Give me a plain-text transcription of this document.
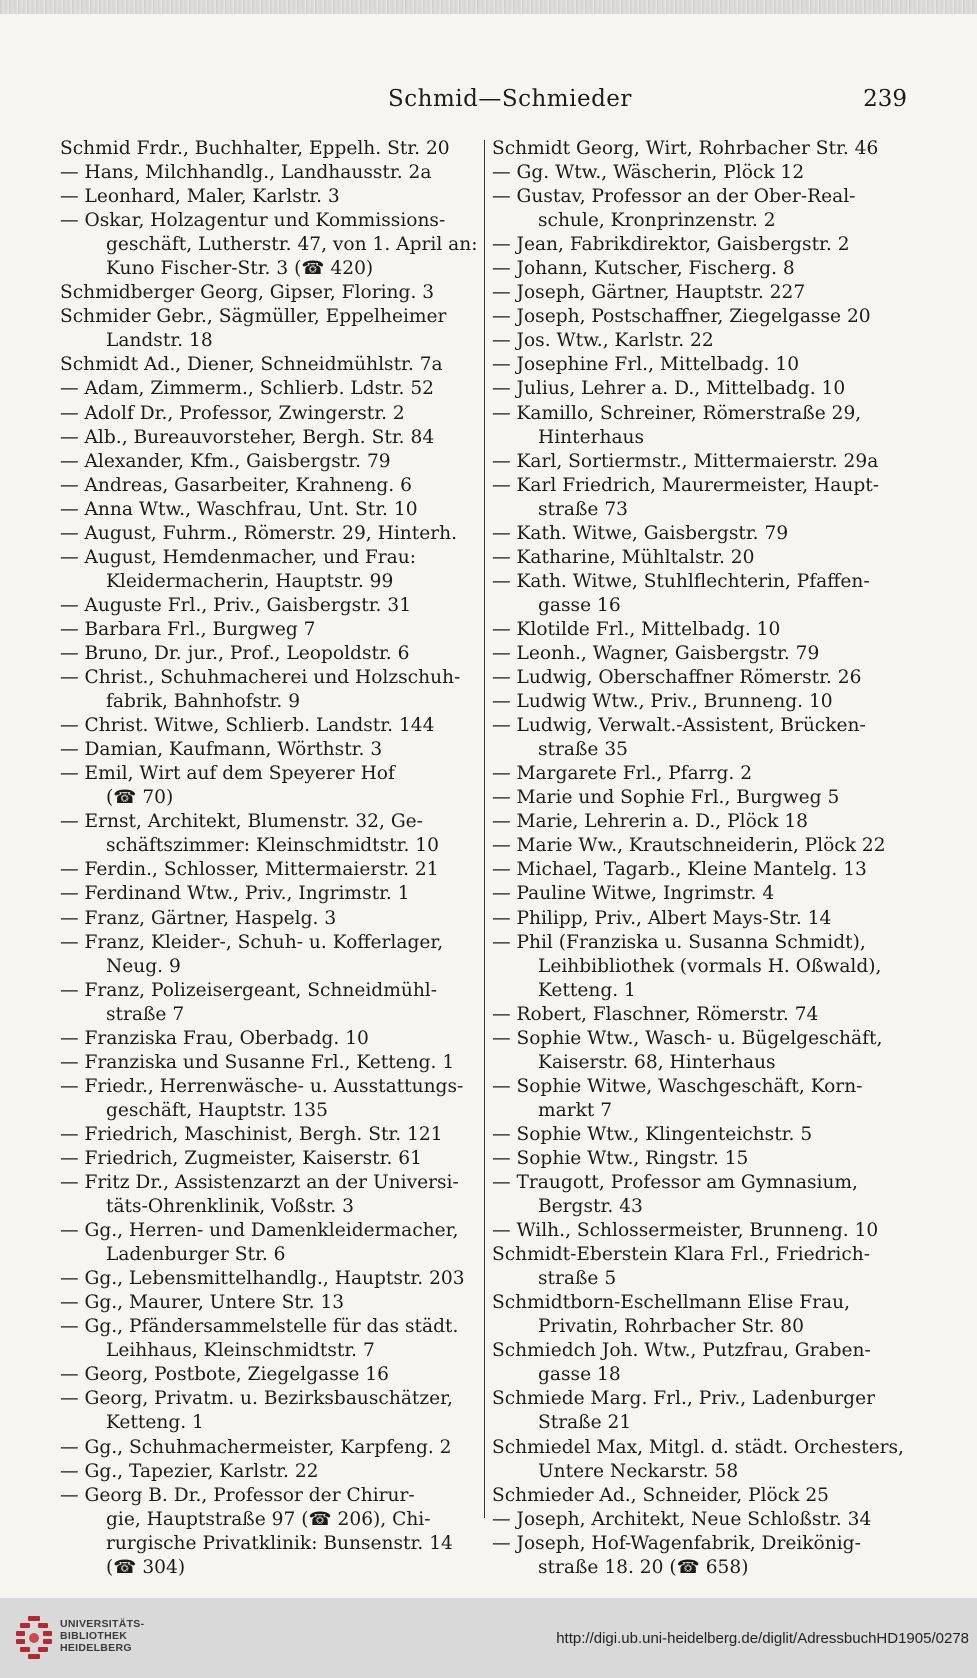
Schmid—Schmieder	239
Schmid Frdr., Buchhalter, Eppelh. Str. 20
— Hans, Milchhandlg., Landhausstr. 2a
— Leonhard, Maler, Karlstr. 3
— Oskar, Holzagentur und Kommissions-
geschäft, Lutherstr. 47, von 1. April an:
Kuno Fischer-Str. 3 (☎ 420)
Schmidberger Georg, Gipser, Floring. 3
Schmider Gebr., Sägmüller, Eppelheimer
Landstr. 18
Schmidt Ad., Diener, Schneidmühlstr. 7a
— Adam, Zimmerm., Schlierb. Ldstr. 52
— Adolf Dr., Professor, Zwingerstr. 2
— Alb., Bureauvorsteher, Bergh. Str. 84
— Alexander, Kfm., Gaisbergstr. 79
— Andreas, Gasarbeiter, Krahneng. 6
— Anna Wtw., Waschfrau, Unt. Str. 10
— August, Fuhrm., Römerstr. 29, Hinterh.
— August, Hemdenmacher, und Frau:
Kleidermacherin, Hauptstr. 99
— Auguste Frl., Priv., Gaisbergstr. 31
— Barbara Frl., Burgweg 7
— Bruno, Dr. jur., Prof., Leopoldstr. 6
— Christ., Schuhmacherei und Holzschuh-
fabrik, Bahnhofstr. 9
— Christ. Witwe, Schlierb. Landstr. 144
— Damian, Kaufmann, Wörthstr. 3
— Emil, Wirt auf dem Speyerer Hof
(☎ 70)
— Ernst, Architekt, Blumenstr. 32, Ge-
schäftszimmer: Kleinschmidtstr. 10
— Ferdin., Schlosser, Mittermaierstr. 21
— Ferdinand Wtw., Priv., Ingrimstr. 1
— Franz, Gärtner, Haspelg. 3
— Franz, Kleider-, Schuh- u. Kofferlager,
Neug. 9
— Franz, Polizeisergeant, Schneidmühl-
straße 7
— Franziska Frau, Oberbadg. 10
— Franziska und Susanne Frl., Ketteng. 1
— Friedr., Herrenwäsche- u. Ausstattungs-
geschäft, Hauptstr. 135
— Friedrich, Maschinist, Bergh. Str. 121
— Friedrich, Zugmeister, Kaiserstr. 61
— Fritz Dr., Assistenzarzt an der Universi-
täts-Ohrenklinik, Voßstr. 3
— Gg., Herren- und Damenkleidermacher,
Ladenburger Str. 6
— Gg., Lebensmittelhandlg., Hauptstr. 203
— Gg., Maurer, Untere Str. 13
— Gg., Pfändersammelstelle für das städt.
Leihhaus, Kleinschmidtstr. 7
— Georg, Postbote, Ziegelgasse 16
— Georg, Privatm. u. Bezirksbauschätzer,
Ketteng. 1
— Gg., Schuhmachermeister, Karpfeng. 2
— Gg., Tapezier, Karlstr. 22
— Georg B. Dr., Professor der Chirur-
gie, Hauptstraße 97 (☎ 206), Chi-
rurgische Privatklinik: Bunsenstr. 14
(☎ 304)
Schmidt Georg, Wirt, Rohrbacher Str. 46
— Gg. Wtw., Wäscherin, Plöck 12
— Gustav, Professor an der Ober-Real-
schule, Kronprinzenstr. 2
— Jean, Fabrikdirektor, Gaisbergstr. 2
— Johann, Kutscher, Fischerg. 8
— Joseph, Gärtner, Hauptstr. 227
— Joseph, Postschaffner, Ziegelgasse 20
— Jos. Wtw., Karlstr. 22
— Josephine Frl., Mittelbadg. 10
— Julius, Lehrer a. D., Mittelbadg. 10
— Kamillo, Schreiner, Römerstraße 29,
Hinterhaus
— Karl, Sortiermstr., Mittermaierstr. 29a
— Karl Friedrich, Maurermeister, Haupt-
straße 73
— Kath. Witwe, Gaisbergstr. 79
— Katharine, Mühltalstr. 20
— Kath. Witwe, Stuhlflechterin, Pfaffen-
gasse 16
— Klotilde Frl., Mittelbadg. 10
— Leonh., Wagner, Gaisbergstr. 79
— Ludwig, Oberschaffner Römerstr. 26
— Ludwig Wtw., Priv., Brunneng. 10
— Ludwig, Verwalt.-Assistent, Brücken-
straße 35
— Margarete Frl., Pfarrg. 2
— Marie und Sophie Frl., Burgweg 5
— Marie, Lehrerin a. D., Plöck 18
— Marie Ww., Krautschneiderin, Plöck 22
— Michael, Tagarb., Kleine Mantelg. 13
— Pauline Witwe, Ingrimstr. 4
— Philipp, Priv., Albert Mays-Str. 14
— Phil (Franziska u. Susanna Schmidt),
Leihbibliothek (vormals H. Oßwald),
Ketteng. 1
— Robert, Flaschner, Römerstr. 74
— Sophie Wtw., Wasch- u. Bügelgeschäft,
Kaiserstr. 68, Hinterhaus
— Sophie Witwe, Waschgeschäft, Korn-
markt 7
— Sophie Wtw., Klingenteichstr. 5
— Sophie Wtw., Ringstr. 15
— Traugott, Professor am Gymnasium,
Bergstr. 43
— Wilh., Schlossermeister, Brunneng. 10
Schmidt-Eberstein Klara Frl., Friedrich-
straße 5
Schmidtborn-Eschellmann Elise Frau,
Privatin, Rohrbacher Str. 80
Schmiedch Joh. Wtw., Putzfrau, Graben-
gasse 18
Schmiede Marg. Frl., Priv., Ladenburger
Straße 21
Schmiedel Max, Mitgl. d. städt. Orchesters,
Untere Neckarstr. 58
Schmieder Ad., Schneider, Plöck 25
— Joseph, Architekt, Neue Schloßstr. 34
— Joseph, Hof-Wagenfabrik, Dreikönig-
straße 18. 20 (☎ 658)
UNIVERSITÄTS-
BIBLIOTHEK
HEIDELBERG
http://digi.ub.uni-heidelberg.de/diglit/AdressbuchHD1905/0278
